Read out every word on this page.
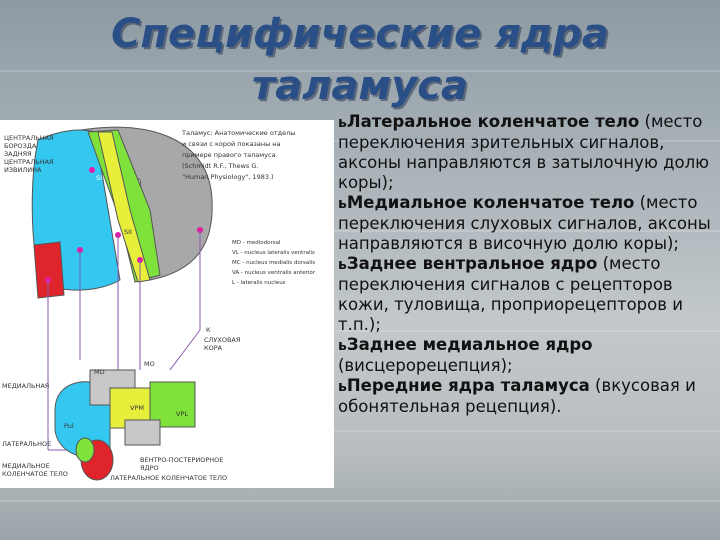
Специфические ядра
таламуса
ЦЕНТРАЛЬНАЯ БОРОЗДА
ЗАДНЯЯ ЦЕНТРАЛЬНАЯ ИЗВИЛИНА
SI
SII
К
СЛУХОВАЯ КОРА
MO
MD
Pul
VPM
VPL
МЕДИАЛЬНАЯ
ЛАТЕРАЛЬНОЕ
МЕДИАЛЬНОЕ КОЛЕНЧАТОЕ ТЕЛО
ВЕНТРО-ПОСТЕРИОРНОЕ ЯДРО
ЛАТЕРАЛЬНОЕ КОЛЕНЧАТОЕ ТЕЛО
Таламус: Анатомические отделы
и связи с корой показаны на
примере правого таламуса.
(Schmidt R.F., Thews G.
"Human Physiology", 1983.)
MD - mediodorsal
VL - nucleus lateralis ventralis
MC - nucleus medialis dorsalis
VA - nucleus ventralis anterior
L - lateralis nucleus
ьЛатеральное коленчатое тело (место переключения зрительных сигналов, аксоны направляются в затылочную долю коры);
ьМедиальное коленчатое тело (место переключения слуховых сигналов, аксоны направляются в височную долю коры);
ьЗаднее вентральное ядро (место переключения сигналов с рецепторов кожи, туловища, проприорецепторов и т.п.);
ьЗаднее медиальное ядро (висцерорецепция);
ьПередние ядра таламуса (вкусовая и обонятельная рецепция).
